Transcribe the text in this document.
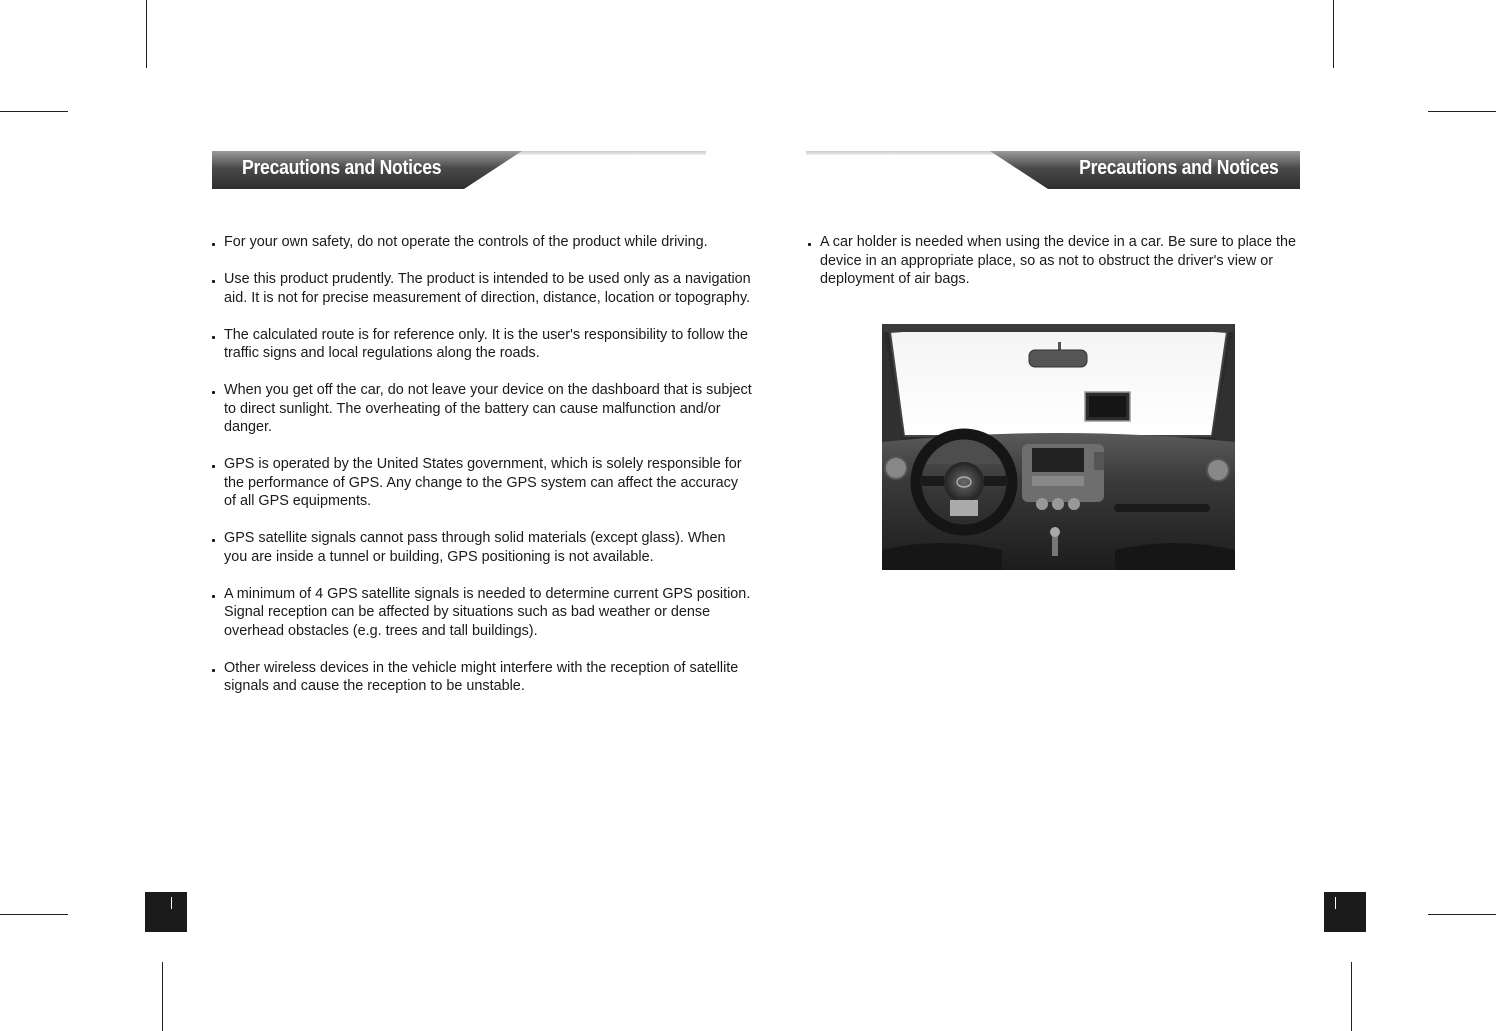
Precautions and Notices	Precautions and Notices
For your own safety, do not operate the controls of the product while driving.
Use this product prudently. The product is intended to be used only as a navigation aid. It is not for precise measurement of direction, distance, location or topography.
The calculated route is for reference only. It is the user's responsibility to follow the traffic signs and local regulations along the roads.
When you get off the car, do not leave your device on the dashboard that is subject to direct sunlight. The overheating of the battery can cause malfunction and/or danger.
GPS is operated by the United States government, which is solely responsible for the performance of GPS. Any change to the GPS system can affect the accuracy of all GPS equipments.
GPS satellite signals cannot pass through solid materials (except glass). When you are inside a tunnel or building, GPS positioning is not available.
A minimum of 4 GPS satellite signals is needed to determine current GPS position. Signal reception can be affected by situations such as bad weather or dense overhead obstacles (e.g. trees and tall buildings).
Other wireless devices in the vehicle might interfere with the reception of satellite signals and cause the reception to be unstable.
A car holder is needed when using the device in a car. Be sure to place the device in an appropriate place, so as not to obstruct the driver's view or deployment of air bags.
